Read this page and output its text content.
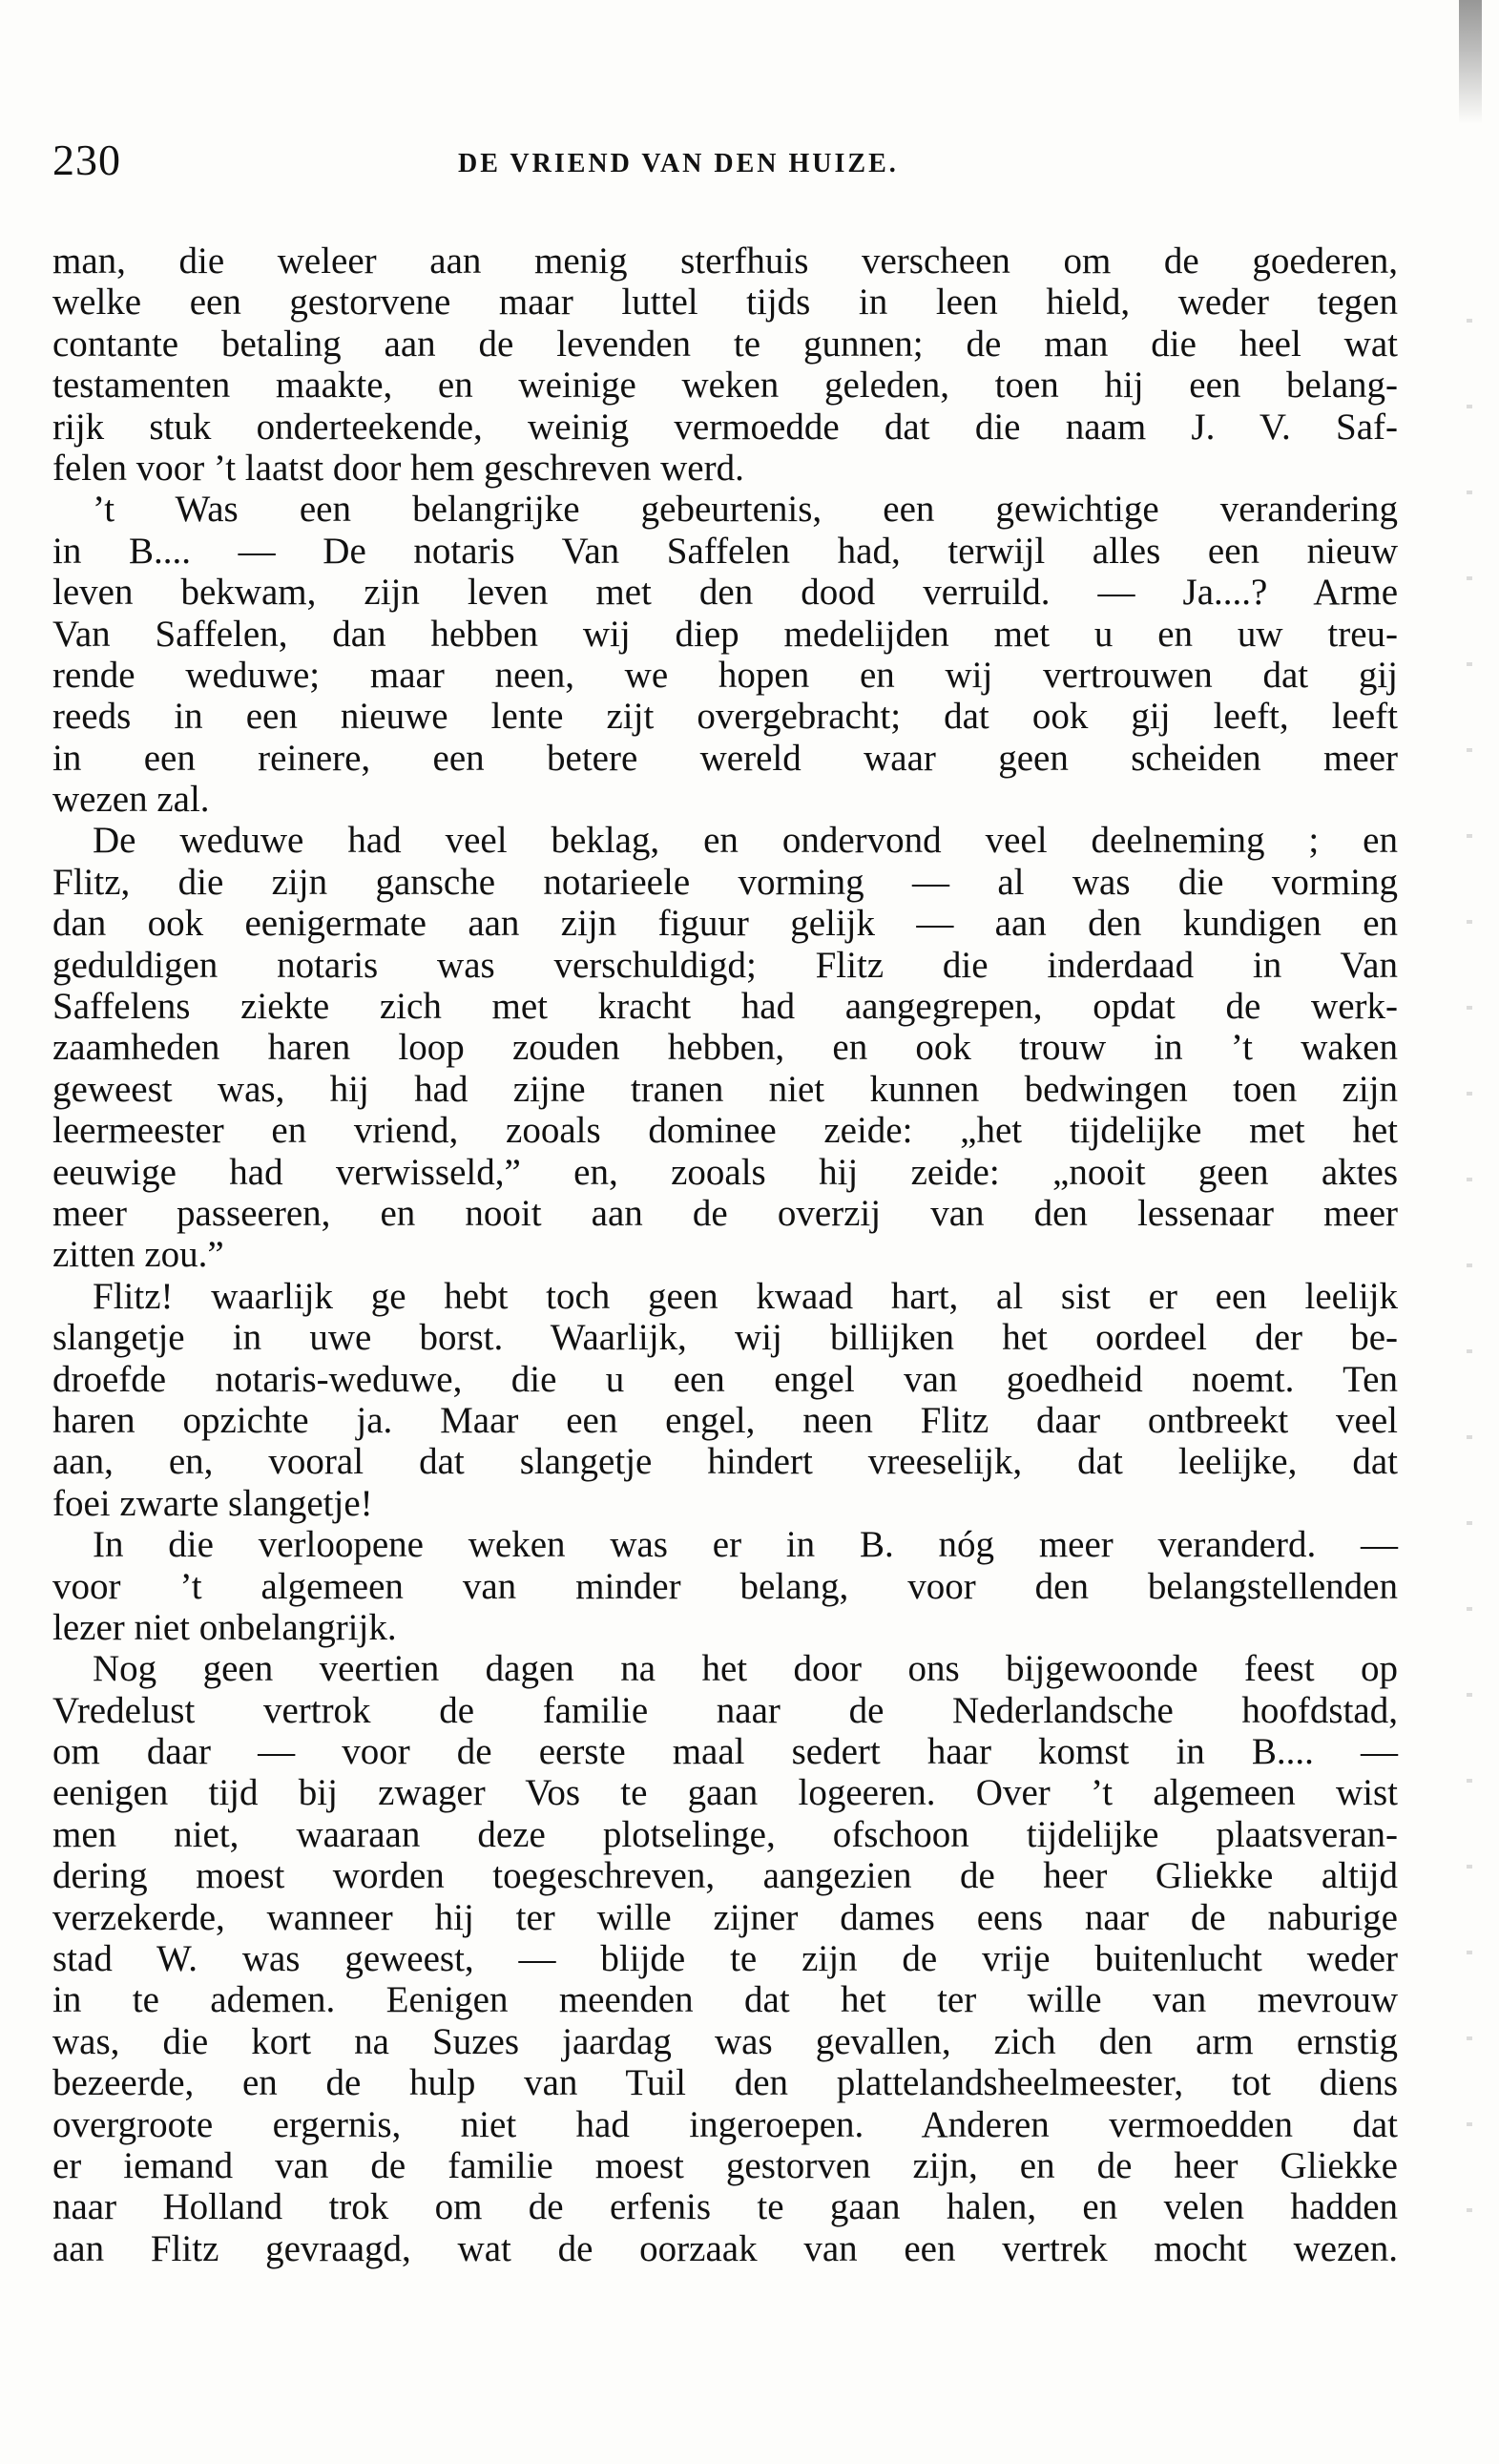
230	DE VRIEND VAN DEN HUIZE.
man, die weleer aan menig sterfhuis verscheen om de goederen,
welke een gestorvene maar luttel tijds in leen hield, weder tegen
contante betaling aan de levenden te gunnen; de man die heel wat
testamenten maakte, en weinige weken geleden, toen hij een belang-
rijk stuk onderteekende, weinig vermoedde dat die naam J. V. Saf-
felen voor ’t laatst door hem geschreven werd.
’t Was een belangrijke gebeurtenis, een gewichtige verandering
in B.... — De notaris Van Saffelen had, terwijl alles een nieuw
leven bekwam, zijn leven met den dood verruild. — Ja....? Arme
Van Saffelen, dan hebben wij diep medelijden met u en uw treu-
rende weduwe; maar neen, we hopen en wij vertrouwen dat gij
reeds in een nieuwe lente zijt overgebracht; dat ook gij leeft, leeft
in een reinere, een betere wereld waar geen scheiden meer
wezen zal.
De weduwe had veel beklag, en ondervond veel deelneming ; en
Flitz, die zijn gansche notarieele vorming — al was die vorming
dan ook eenigermate aan zijn figuur gelijk — aan den kundigen en
geduldigen notaris was verschuldigd; Flitz die inderdaad in Van
Saffelens ziekte zich met kracht had aangegrepen, opdat de werk-
zaamheden haren loop zouden hebben, en ook trouw in ’t waken
geweest was, hij had zijne tranen niet kunnen bedwingen toen zijn
leermeester en vriend, zooals dominee zeide: „het tijdelijke met het
eeuwige had verwisseld,” en, zooals hij zeide: „nooit geen aktes
meer passeeren, en nooit aan de overzij van den lessenaar meer
zitten zou.”
Flitz! waarlijk ge hebt toch geen kwaad hart, al sist er een leelijk
slangetje in uwe borst. Waarlijk, wij billijken het oordeel der be-
droefde notaris-weduwe, die u een engel van goedheid noemt. Ten
haren opzichte ja. Maar een engel, neen Flitz daar ontbreekt veel
aan, en, vooral dat slangetje hindert vreeselijk, dat leelijke, dat
foei zwarte slangetje!
In die verloopene weken was er in B. nóg meer veranderd. —
voor ’t algemeen van minder belang, voor den belangstellenden
lezer niet onbelangrijk.
Nog geen veertien dagen na het door ons bijgewoonde feest op
Vredelust vertrok de familie naar de Nederlandsche hoofdstad,
om daar — voor de eerste maal sedert haar komst in B.... —
eenigen tijd bij zwager Vos te gaan logeeren. Over ’t algemeen wist
men niet, waaraan deze plotselinge, ofschoon tijdelijke plaatsveran-
dering moest worden toegeschreven, aangezien de heer Gliekke altijd
verzekerde, wanneer hij ter wille zijner dames eens naar de naburige
stad W. was geweest, — blijde te zijn de vrije buitenlucht weder
in te ademen. Eenigen meenden dat het ter wille van mevrouw
was, die kort na Suzes jaardag was gevallen, zich den arm ernstig
bezeerde, en de hulp van Tuil den plattelandsheelmeester, tot diens
overgroote ergernis, niet had ingeroepen. Anderen vermoedden dat
er iemand van de familie moest gestorven zijn, en de heer Gliekke
naar Holland trok om de erfenis te gaan halen, en velen hadden
aan Flitz gevraagd, wat de oorzaak van een vertrek mocht wezen.
